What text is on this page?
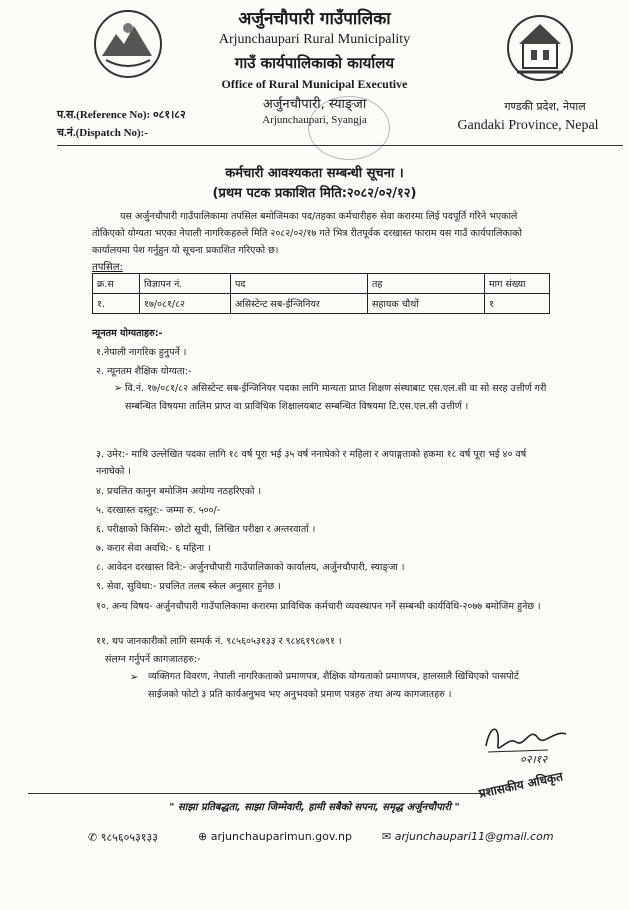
अर्जुनचौपारी गाउँपालिका
Arjunchaupari Rural Municipality
गाउँ कार्यपालिकाको कार्यालय
Office of Rural Municipal Executive
अर्जुनचौपारी, स्याङ्जा
Arjunchaupari, Syangja
गण्डकी प्रदेश, नेपाल
Gandaki Province, Nepal
प.स.(Reference No): ०८१।८२
च.नं.(Dispatch No):-
कर्मचारी आवश्यकता सम्बन्धी सूचना ।
(प्रथम पटक प्रकाशित मिति:२०८२/०२/१२)
यस अर्जुनचौपारी गाउँपालिकामा तपसिल बमोजिमका पद/तहका कर्मचारीहरु सेवा करारमा लिई पदपूर्ति गरिने भएकाले तोकिएको योग्यता भएका नेपाली नागरिकहरुले मिति २०८२/०२/१७ गते भित्र रीतपूर्वक दरखास्त फाराम यस गाउँ कार्यपालिकाको कार्यालयमा पेश गर्नुहुन यो सूचना प्रकाशित गरिएको छ।
तपसिल:
क्र.स	विज्ञापन नं.	पद	तह	माग संख्या
१.	१७/०८१/८२	असिस्टेन्ट सब-ईन्जिनियर	सहायक चौथों	१
न्यूनतम योग्यताहरु:-
१.नेपाली नागरिक हुनुपर्ने ।
२. न्यूनतम शैक्षिक योग्यता:-
➢ वि.नं. १७/०८१/८२ असिस्टेन्ट सब-ईन्जिनियर पदका लागि मान्यता प्राप्त शिक्षण संस्थाबाट एस.एल.सी वा सो सरह उत्तीर्ण गरी सम्बन्धित विषयमा तालिम प्राप्त वा प्राविधिक शिक्षालयबाट सम्बन्धित विषयमा टि.एस.एल.सी उत्तीर्ण ।
३. उमेर:- माथि उल्लेखित पदका लागि १८ वर्ष पूरा भई ३५ वर्ष ननाघेको र महिला र अपाङ्गताको हकमा १८ वर्ष पूरा भई ४० वर्ष ननाघेको ।
४. प्रचलित कानुन बमोजिम अयोग्य नठहरिएको ।
५. दरखास्त दस्तुर:- जम्मा रु. ५००/-
६. परीक्षाको किसिम:- छोटो सूची, लिखित परीक्षा र अन्तरवार्ता ।
७. करार सेवा अवधि:- ६ महिना ।
८. आवेदन दरखास्त दिने:- अर्जुनचौपारी गाउँपालिकाको कार्यालय, अर्जुनचौपारी, स्याङ्जा ।
९. सेवा, सुविधा:- प्रचलित तलब स्केल अनुसार हुनेछ ।
१०. अन्य विषय- अर्जुनचौपारी गाउँपालिकामा करारमा प्राविधिक कर्मचारी व्यवस्थापन गर्ने सम्बन्धी कार्यविधि-२०७७ बमोजिम हुनेछ ।
११. थप जानकारीको लागि सम्पर्क नं. ९८५६०५३१३३ र ९८४६१९८७९१ ।
संलग्न गर्नुपर्ने कागजातहरु:-
➢ व्यक्तिगत विवरण, नेपाली नागरिकताको प्रमाणपत्र, शैक्षिक योग्यताको प्रमाणपत्र, हालसालै खिचिएको पासपोर्ट साईजको फोटो ३ प्रति कार्यअनुभव भए अनुभवको प्रमाण पत्रहरु तथा अन्य कागजातहरु ।
०२।१२
प्रशासकीय अधिकृत
" साझा प्रतिबद्धता, साझा जिम्मेवारी, हामी सबैको सपना, समृद्ध अर्जुनचौपारी "
✆ ९८५६०५३१३३	⊕ arjunchauparimun.gov.np	✉ arjunchaupari11@gmail.com
